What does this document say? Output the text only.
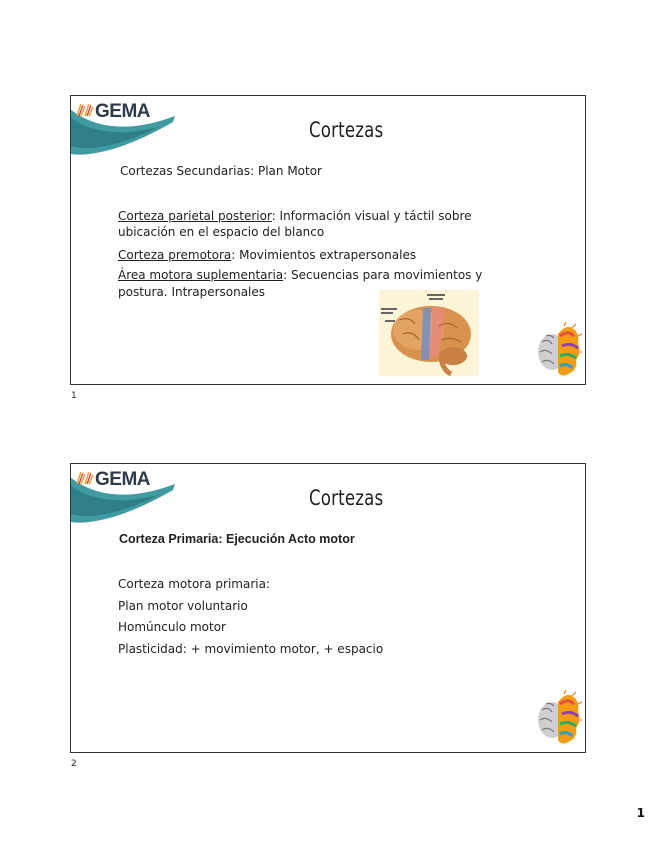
GEMA
Cortezas
Cortezas Secundarias: Plan Motor
Corteza parietal posterior: Información visual y táctil sobre
ubicación en el espacio del blanco
Corteza premotora: Movimientos extrapersonales
Área motora suplementaria: Secuencias para movimientos y
postura. Intrapersonales
1
GEMA
Cortezas
Corteza Primaria: Ejecución Acto motor
Corteza motora primaria:
Plan motor voluntario
Homúnculo motor
Plasticidad: + movimiento motor, + espacio
2
1
